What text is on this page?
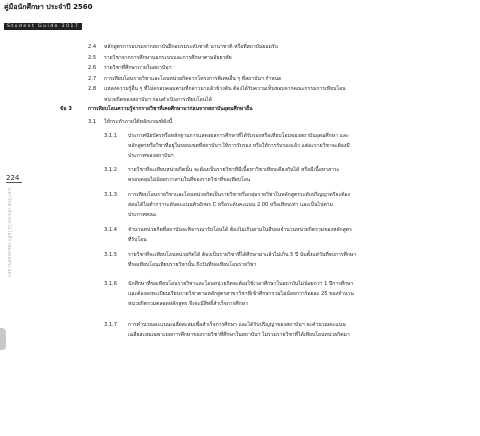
คู่มือนักศึกษา ประจำปี 2560
Student Guide 2017
224
มหาวิทยาลัยเทคโนโลยีราชมงคลพระนคร
2.4 หลักสูตรการอบรมจากสถาบันฝึกอบรมระดับชาติ นานาชาติ หรือที่สถาบันยอมรับ
2.5 รายวิชาจากการศึกษานอกระบบและการศึกษาตามอัธยาศัย
2.6 รายวิชาที่ศึกษาภายในสถาบันฯ
2.7 การเทียบโอนรายวิชาและโอนหน่วยกิตจากโครงการพิเศษอื่น ๆ ที่สถาบันฯ กำหนด
2.8 แหล่งความรู้อื่น ๆ ที่ไม่ครอบคลุมตามที่กล่าวมาแล้วข้างต้น ต้องได้รับความเห็นชอบจากคณะกรรมการเทียบโอน
หน่วยกิตของสถาบันฯ ก่อนดำเนินการเทียบโอนได้
ข้อ 3	การเทียบโอนความรู้จากรายวิชาที่เคยศึกษามาก่อนจากสถาบันอุดมศึกษาอื่น
3.1 ให้กระทำภายใต้หลักเกณฑ์ดังนี้
3.1.1 ประกาศนียบัตรหรือหลักฐานการแสดงผลการศึกษาที่ได้รับรองหรือเทียบโอนของสถาบันอุดมศึกษา และ
หลักสูตรหรือวิชาที่อยู่ในขอบเขตที่สถาบันฯ ให้การรับรอง หรือให้การรับรองแล้ว แต่ละรายวิชาจะต้องมี
ประกาศของสถาบันฯ
3.1.2 รายวิชาที่จะเทียบหน่วยกิตนั้น จะต้องเป็นรายวิชาที่มีเนื้อหาวิชาเทียบเคียงกันได้ หรือมีเนื้อหาสาระ
ครอบคลุมไม่น้อยกว่าสามในสี่ของรายวิชาที่ขอเทียบโอน
3.1.3 การเทียบโอนรายวิชาและโอนหน่วยกิตเป็นรายวิชาหรือกลุ่มรายวิชาในหลักสูตรระดับปริญญาตรีจะต้อง
สอบได้ไม่ต่ำกว่าระดับคะแนนตัวอักษร C หรือระดับคะแนน 2.00 หรือเทียบเท่า และเป็นไปตาม
ประกาศคณะ
3.1.4 จำนวนหน่วยกิตที่สถาบันจะพิจารณารับโอนได้ ต้องไม่เกินสามในสี่ของจำนวนหน่วยกิตรวมของหลักสูตร
ที่รับโอน
3.1.5 รายวิชาที่จะเทียบโอนหน่วยกิตได้ ต้องเป็นรายวิชาที่ได้ศึกษามาแล้วไม่เกิน 5 ปี นับตั้งแต่วันที่จบการศึกษา
ที่ขอเทียบโอนเทียบรายวิชานั้น ถึงวันที่ขอเทียบโอนรายวิชา
3.1.6 นักศึกษาที่ขอเทียบโอนรายวิชาและโอนหน่วยกิตจะต้องใช้เวลาศึกษาในสถาบันไม่น้อยกว่า 1 ปีการศึกษา
และต้องลงทะเบียนเรียนรายวิชาตามหลักสูตรสาขาวิชาที่เข้าศึกษารวมไม่น้อยกว่าร้อยละ 25 ของจำนวน
หน่วยกิตรวมตลอดหลักสูตร จึงจะมีสิทธิ์สำเร็จการศึกษา
3.1.7 การคำนวณคะแนนเฉลี่ยสะสมเพื่อสำเร็จการศึกษา และได้รับปริญญาของสถาบันฯ จะคำนวณคะแนน
เฉลี่ยสะสมเฉพาะผลการศึกษาของรายวิชาที่ศึกษาในสถาบันฯ ไม่รวมรายวิชาที่ได้เทียบโอนหน่วยกิตมา
